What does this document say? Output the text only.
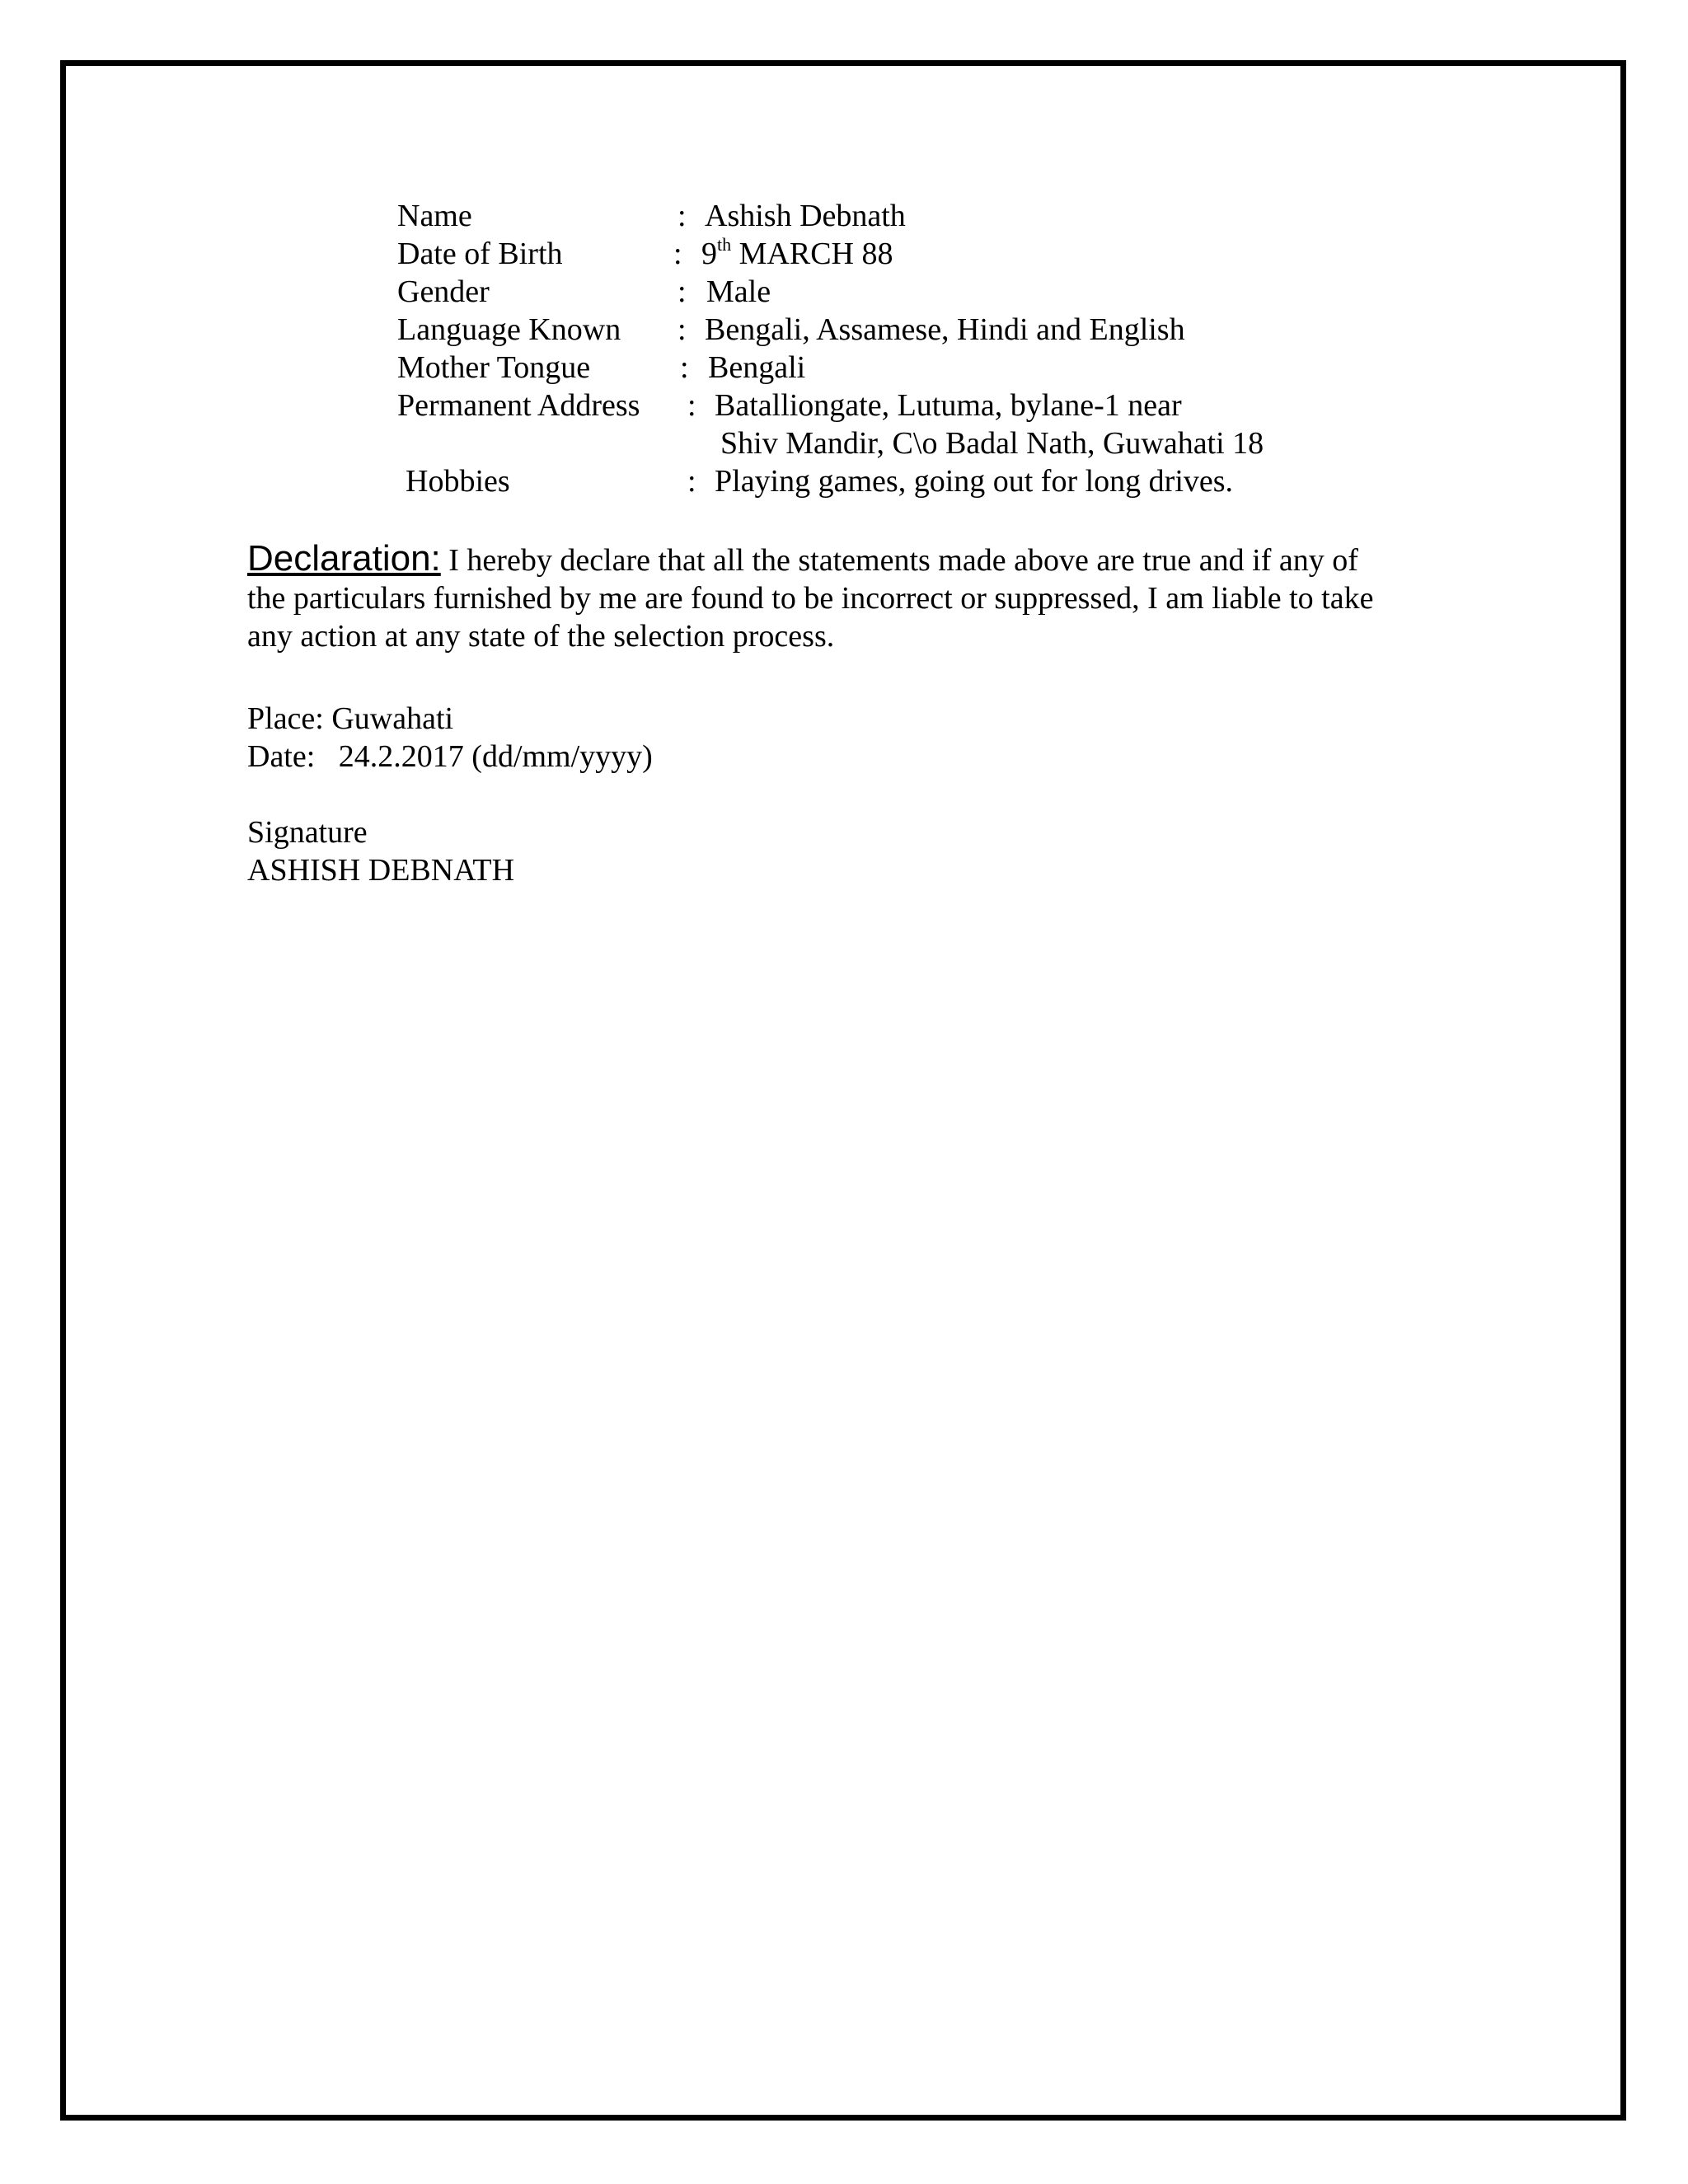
Name	: Ashish Debnath
Date of Birth	: 9th MARCH 88
Gender	: Male
Language Known : Bengali, Assamese, Hindi and English
Mother Tongue	: Bengali
Permanent Address : Batalliongate, Lutuma, bylane-1 near
Shiv Mandir, C\o Badal Nath, Guwahati 18
Hobbies	: Playing games, going out for long drives.
Declaration: I hereby declare that all the statements made above are true and if any of
the particulars furnished by me are found to be incorrect or suppressed, I am liable to take
any action at any state of the selection process.
Place: Guwahati
Date:   24.2.2017 (dd/mm/yyyy)
Signature
ASHISH DEBNATH
